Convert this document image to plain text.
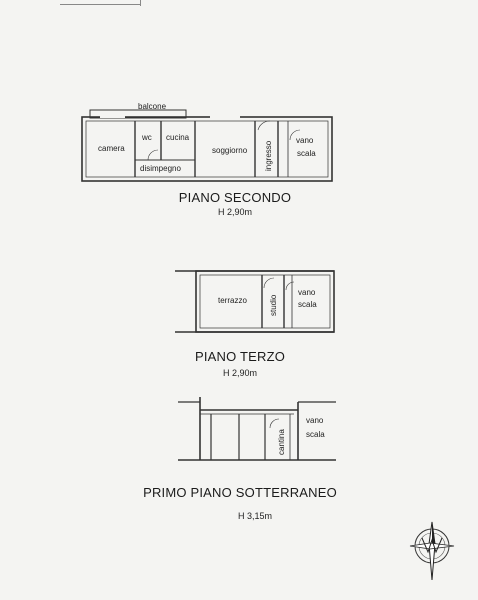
balcone
camera
wc cucina
soggiorno
disimpegno	ingresso
vano
scala
terrazzo	studio
vano
scala
cantina
vano
scala
PIANO SECONDO
H 2,90m
PIANO TERZO
H 2,90m
PRIMO PIANO SOTTERRANEO
H 3,15m
